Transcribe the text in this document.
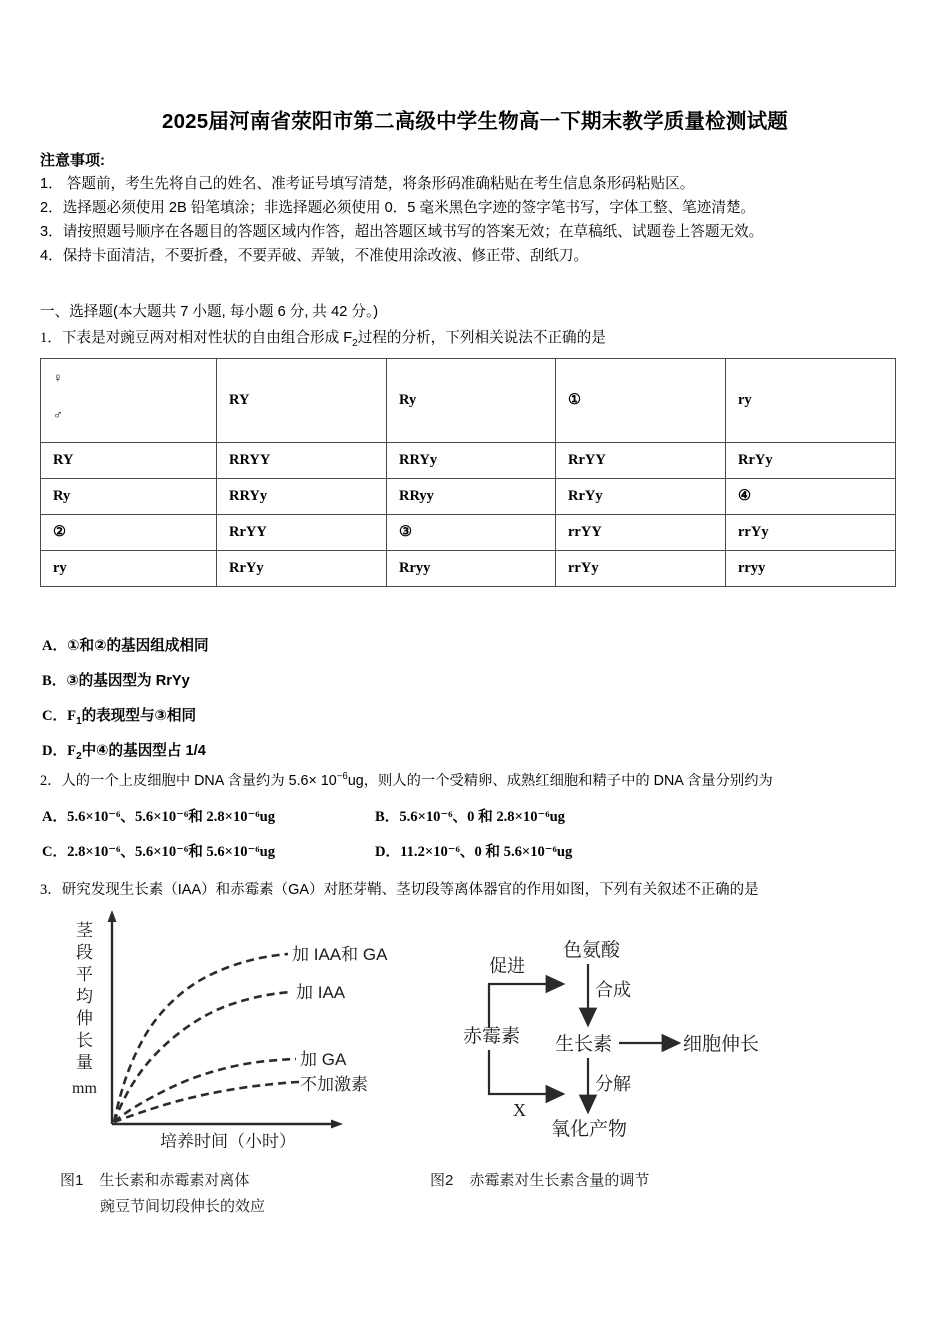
2025届河南省荥阳市第二高级中学生物高一下期末教学质量检测试题
注意事项:
1． 答题前，考生先将自己的姓名、准考证号填写清楚，将条形码准确粘贴在考生信息条形码粘贴区。
2．选择题必须使用 2B 铅笔填涂；非选择题必须使用 0．5 毫米黑色字迹的签字笔书写，字体工整、笔迹清楚。
3．请按照题号顺序在各题目的答题区域内作答，超出答题区域书写的答案无效；在草稿纸、试题卷上答题无效。
4．保持卡面清洁，不要折叠，不要弄破、弄皱，不准使用涂改液、修正带、刮纸刀。
一、选择题(本大题共 7 小题, 每小题 6 分, 共 42 分。)
1．下表是对豌豆两对相对性状的自由组合形成 $F_2$过程的分析，下列相关说法不正确的是
♀
♂	RY	Ry	①	ry
RY	RRYY	RRYy	RrYY	RrYy
Ry	RRYy	RRyy	RrYy	④
②	RrYY	③	rrYY	rrYy
ry	RrYy	Rryy	rrYy	rryy
A．①和②的基因组成相同
B．③的基因型为 RrYy
C．$F_1$的表现型与③相同
D．$F_2$中④的基因型占 1/4
2．人的一个上皮细胞中 DNA 含量约为 $5.6\times 10^{-6}ug$，则人的一个受精卵、成熟红细胞和精子中的 DNA 含量分别约为
A．5.6×10⁻⁶、5.6×10⁻⁶和 2.8×10⁻⁶ug	B．5.6×10⁻⁶、0 和 2.8×10⁻⁶ug
C．2.8×10⁻⁶、5.6×10⁻⁶和 5.6×10⁻⁶ug	D．11.2×10⁻⁶、0 和 5.6×10⁻⁶ug
3．研究发现生长素（IAA）和赤霉素（GA）对胚芽鞘、茎切段等离体器官的作用如图，下列有关叙述不正确的是
茎
段
平
均
伸
长
量
mm
加 IAA和 GA
加 IAA
加 GA
不加激素
培养时间（小时）
色氨酸
赤霉素 生长素	细胞伸长
氧化产物
合成
分解
促进
X
图1 生长素和赤霉素对离体
豌豆节间切段伸长的效应
图2 赤霉素对生长素含量的调节
